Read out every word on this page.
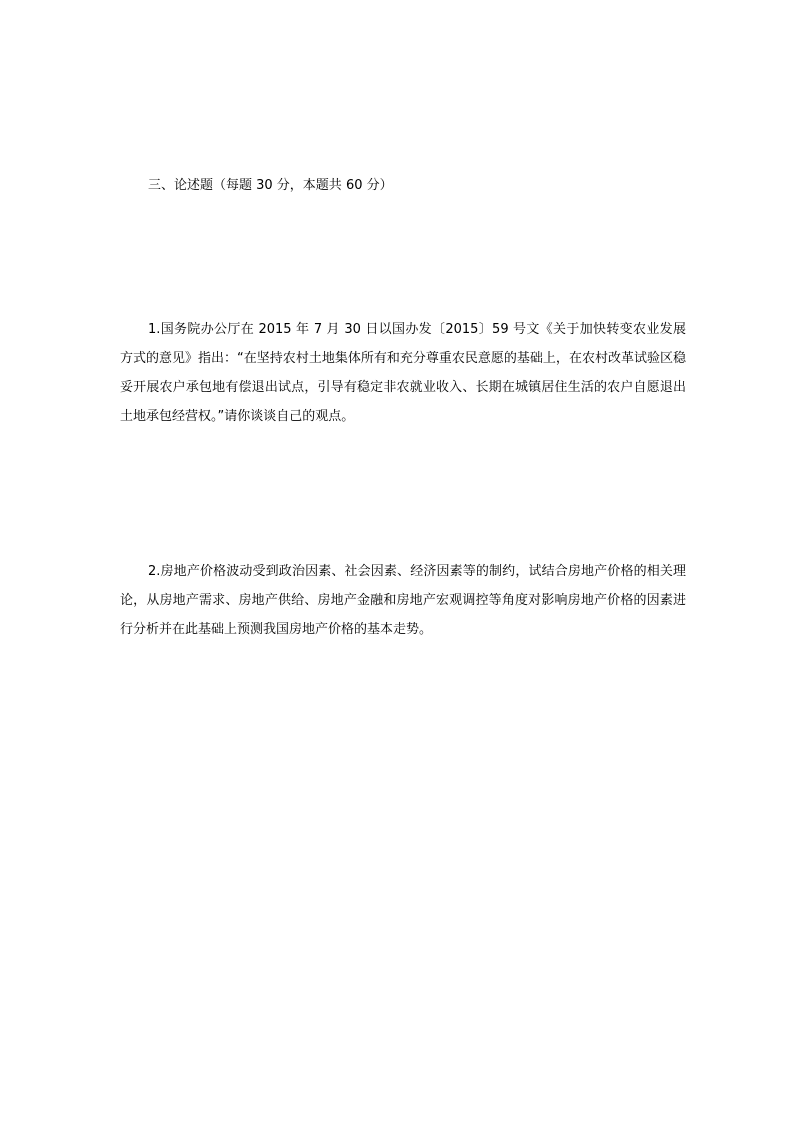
三、论述题（每题 30 分，本题共 60 分）

1.国务院办公厅在 2015 年 7 月 30 日以国办发〔2015〕59 号文《关于加快转变农业发展方式的意见》指出：“在坚持农村土地集体所有和充分尊重农民意愿的基础上，在农村改革试验区稳妥开展农户承包地有偿退出试点，引导有稳定非农就业收入、长期在城镇居住生活的农户自愿退出土地承包经营权。”请你谈谈自己的观点。

2.房地产价格波动受到政治因素、社会因素、经济因素等的制约，试结合房地产价格的相关理论，从房地产需求、房地产供给、房地产金融和房地产宏观调控等角度对影响房地产价格的因素进行分析并在此基础上预测我国房地产价格的基本走势。
